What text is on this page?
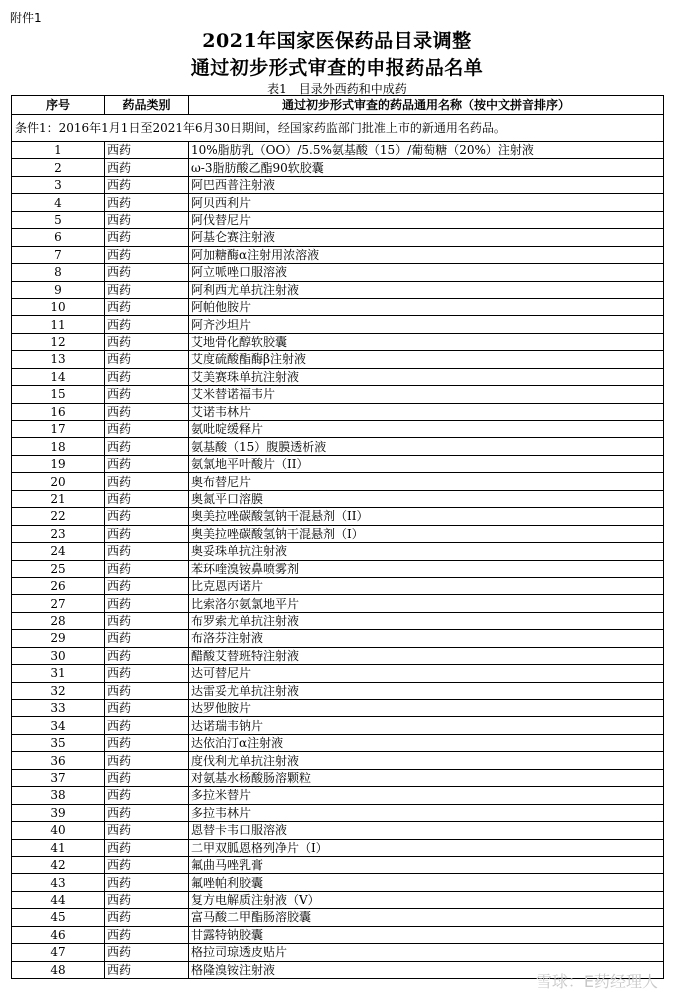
附件1
2021年国家医保药品目录调整
通过初步形式审查的申报药品名单
表1　目录外西药和中成药
序号	药品类别	通过初步形式审查的药品通用名称（按中文拼音排序）
条件1：2016年1月1日至2021年6月30日期间，经国家药监部门批准上市的新通用名药品。		
1	西药	10%脂肪乳（OO）/5.5%氨基酸（15）/葡萄糖（20%）注射液
2	西药	ω-3脂肪酸乙酯90软胶囊
3	西药	阿巴西普注射液
4	西药	阿贝西利片
5	西药	阿伐替尼片
6	西药	阿基仑赛注射液
7	西药	阿加糖酶α注射用浓溶液
8	西药	阿立哌唑口服溶液
9	西药	阿利西尤单抗注射液
10	西药	阿帕他胺片
11	西药	阿齐沙坦片
12	西药	艾地骨化醇软胶囊
13	西药	艾度硫酸酯酶β注射液
14	西药	艾美赛珠单抗注射液
15	西药	艾米替诺福韦片
16	西药	艾诺韦林片
17	西药	氨吡啶缓释片
18	西药	氨基酸（15）腹膜透析液
19	西药	氨氯地平叶酸片（II）
20	西药	奥布替尼片
21	西药	奥氮平口溶膜
22	西药	奥美拉唑碳酸氢钠干混悬剂（II）
23	西药	奥美拉唑碳酸氢钠干混悬剂（I）
24	西药	奥妥珠单抗注射液
25	西药	苯环喹溴铵鼻喷雾剂
26	西药	比克恩丙诺片
27	西药	比索洛尔氨氯地平片
28	西药	布罗索尤单抗注射液
29	西药	布洛芬注射液
30	西药	醋酸艾替班特注射液
31	西药	达可替尼片
32	西药	达雷妥尤单抗注射液
33	西药	达罗他胺片
34	西药	达诺瑞韦钠片
35	西药	达依泊汀α注射液
36	西药	度伐利尤单抗注射液
37	西药	对氨基水杨酸肠溶颗粒
38	西药	多拉米替片
39	西药	多拉韦林片
40	西药	恩替卡韦口服溶液
41	西药	二甲双胍恩格列净片（I）
42	西药	氟曲马唑乳膏
43	西药	氟唑帕利胶囊
44	西药	复方电解质注射液（V）
45	西药	富马酸二甲酯肠溶胶囊
46	西药	甘露特钠胶囊
47	西药	格拉司琼透皮贴片
48	西药	格隆溴铵注射液
雪球：E药经理人
